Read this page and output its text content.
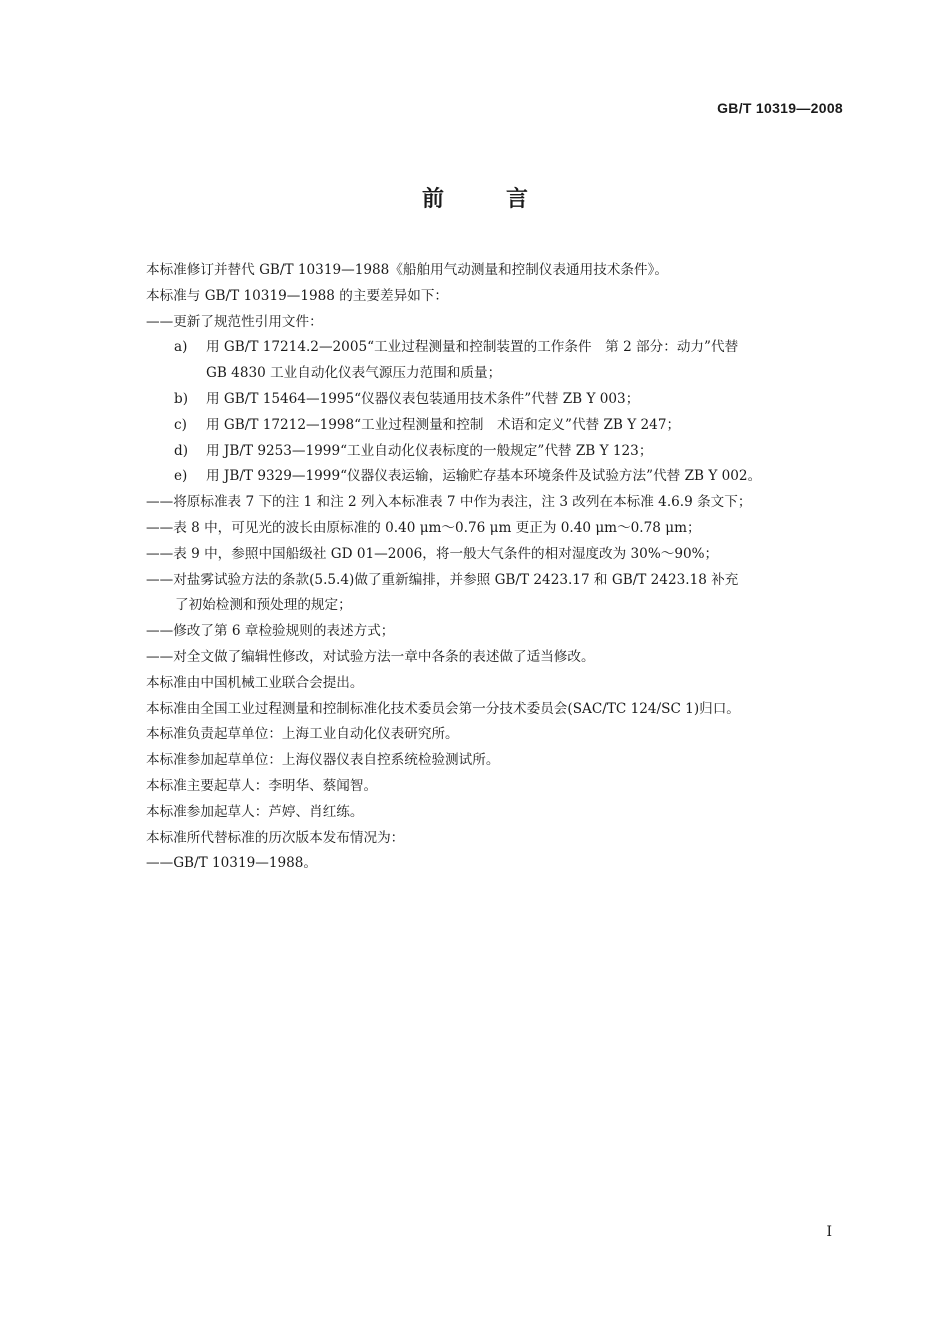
GB/T 10319—2008
前言
本标准修订并替代 GB/T 10319—1988《船舶用气动测量和控制仪表通用技术条件》。
本标准与 GB/T 10319—1988 的主要差异如下：
——更新了规范性引用文件：
a) 用 GB/T 17214.2—2005“工业过程测量和控制装置的工作条件　第 2 部分：动力”代替
GB 4830 工业自动化仪表气源压力范围和质量；
b) 用 GB/T 15464—1995“仪器仪表包装通用技术条件”代替 ZB Y 003；
c) 用 GB/T 17212—1998“工业过程测量和控制　术语和定义”代替 ZB Y 247；
d) 用 JB/T 9253—1999“工业自动化仪表标度的一般规定”代替 ZB Y 123；
e) 用 JB/T 9329—1999“仪器仪表运输，运输贮存基本环境条件及试验方法”代替 ZB Y 002。
——将原标准表 7 下的注 1 和注 2 列入本标准表 7 中作为表注，注 3 改列在本标准 4.6.9 条文下；
——表 8 中，可见光的波长由原标准的 0.40 μm～0.76 μm 更正为 0.40 μm～0.78 μm；
——表 9 中，参照中国船级社 GD 01—2006，将一般大气条件的相对湿度改为 30%～90%；
——对盐雾试验方法的条款(5.5.4)做了重新编排，并参照 GB/T 2423.17 和 GB/T 2423.18 补充
了初始检测和预处理的规定；
——修改了第 6 章检验规则的表述方式；
——对全文做了编辑性修改，对试验方法一章中各条的表述做了适当修改。
本标准由中国机械工业联合会提出。
本标准由全国工业过程测量和控制标准化技术委员会第一分技术委员会(SAC/TC 124/SC 1)归口。
本标准负责起草单位：上海工业自动化仪表研究所。
本标准参加起草单位：上海仪器仪表自控系统检验测试所。
本标准主要起草人：李明华、蔡闻智。
本标准参加起草人：芦婷、肖红练。
本标准所代替标准的历次版本发布情况为：
——GB/T 10319—1988。
I
